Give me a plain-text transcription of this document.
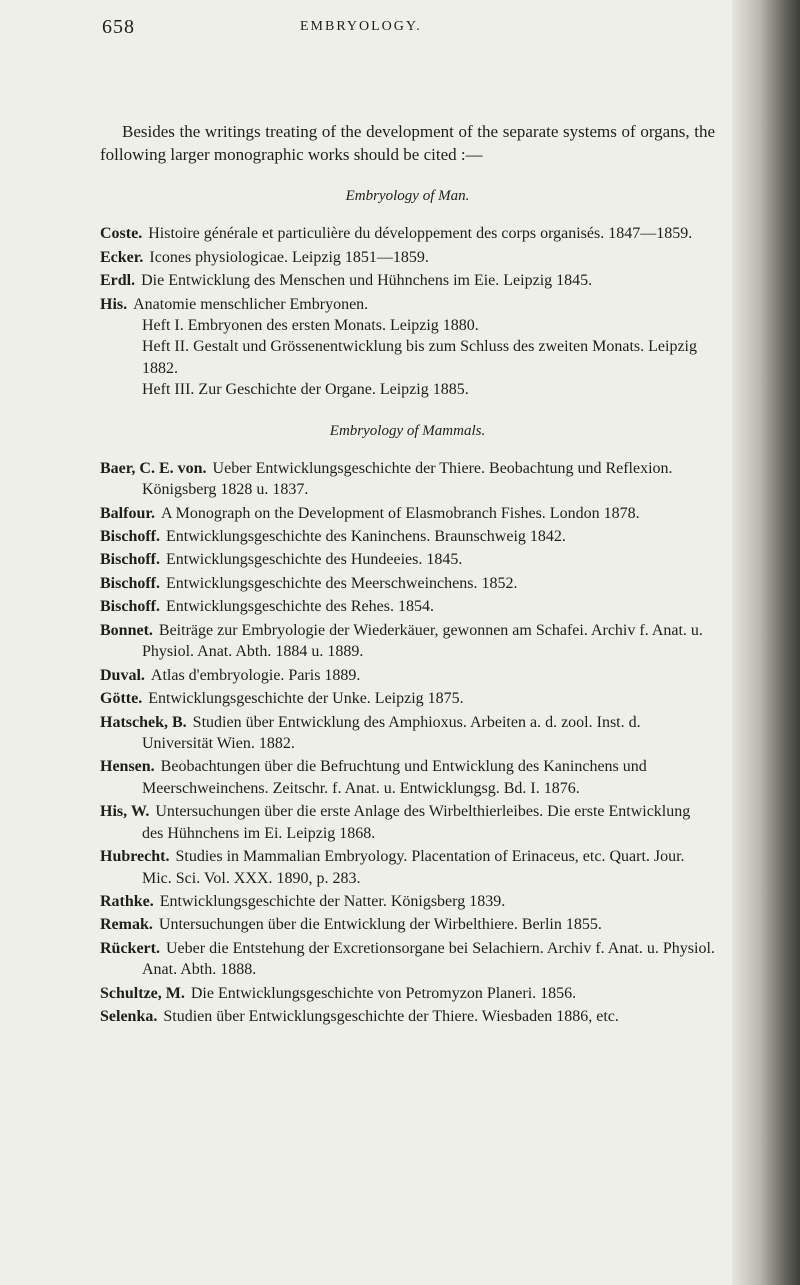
658	EMBRYOLOGY.

Besides the writings treating of the development of the separate systems of organs, the following larger monographic works should be cited :—

Embryology of Man.
Coste. Histoire générale et particulière du développement des corps organisés. 1847—1859.
Ecker. Icones physiologicae. Leipzig 1851—1859.
Erdl. Die Entwicklung des Menschen und Hühnchens im Eie. Leipzig 1845.
His. Anatomie menschlicher Embryonen.
Heft I. Embryonen des ersten Monats. Leipzig 1880.
Heft II. Gestalt und Grössenentwicklung bis zum Schluss des zweiten Monats. Leipzig 1882.
Heft III. Zur Geschichte der Organe. Leipzig 1885.
Embryology of Mammals.
Baer, C. E. von. Ueber Entwicklungsgeschichte der Thiere. Beobachtung und Reflexion. Königsberg 1828 u. 1837.
Balfour. A Monograph on the Development of Elasmobranch Fishes. London 1878.
Bischoff. Entwicklungsgeschichte des Kaninchens. Braunschweig 1842.
Bischoff. Entwicklungsgeschichte des Hundeeies. 1845.
Bischoff. Entwicklungsgeschichte des Meerschweinchens. 1852.
Bischoff. Entwicklungsgeschichte des Rehes. 1854.
Bonnet. Beiträge zur Embryologie der Wiederkäuer, gewonnen am Schafei. Archiv f. Anat. u. Physiol. Anat. Abth. 1884 u. 1889.
Duval. Atlas d'embryologie. Paris 1889.
Götte. Entwicklungsgeschichte der Unke. Leipzig 1875.
Hatschek, B. Studien über Entwicklung des Amphioxus. Arbeiten a. d. zool. Inst. d. Universität Wien. 1882.
Hensen. Beobachtungen über die Befruchtung und Entwicklung des Kaninchens und Meerschweinchens. Zeitschr. f. Anat. u. Entwicklungsg. Bd. I. 1876.
His, W. Untersuchungen über die erste Anlage des Wirbelthierleibes. Die erste Entwicklung des Hühnchens im Ei. Leipzig 1868.
Hubrecht. Studies in Mammalian Embryology. Placentation of Erinaceus, etc. Quart. Jour. Mic. Sci. Vol. XXX. 1890, p. 283.
Rathke. Entwicklungsgeschichte der Natter. Königsberg 1839.
Remak. Untersuchungen über die Entwicklung der Wirbelthiere. Berlin 1855.
Rückert. Ueber die Entstehung der Excretionsorgane bei Selachiern. Archiv f. Anat. u. Physiol. Anat. Abth. 1888.
Schultze, M. Die Entwicklungsgeschichte von Petromyzon Planeri. 1856.
Selenka. Studien über Entwicklungsgeschichte der Thiere. Wiesbaden 1886, etc.
